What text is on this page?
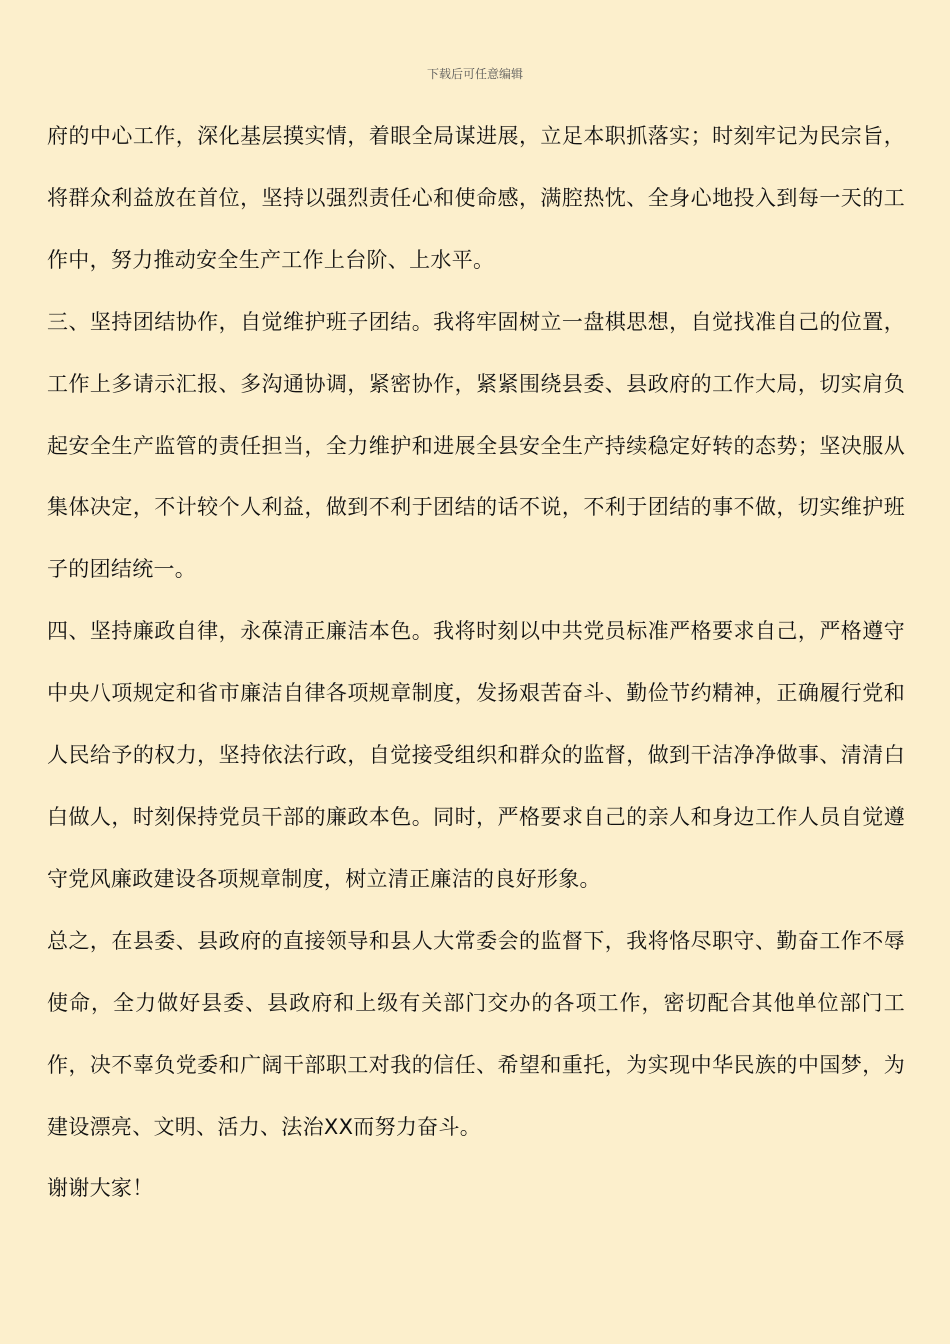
下载后可任意编辑

府的中心工作，深化基层摸实情，着眼全局谋进展，立足本职抓落实；时刻牢记为民宗旨，将群众利益放在首位，坚持以强烈责任心和使命感，满腔热忱、全身心地投入到每一天的工作中，努力推动安全生产工作上台阶、上水平。

三、坚持团结协作，自觉维护班子团结。我将牢固树立一盘棋思想，自觉找准自己的位置，工作上多请示汇报、多沟通协调，紧密协作，紧紧围绕县委、县政府的工作大局，切实肩负起安全生产监管的责任担当，全力维护和进展全县安全生产持续稳定好转的态势；坚决服从集体决定，不计较个人利益，做到不利于团结的话不说，不利于团结的事不做，切实维护班子的团结统一。

四、坚持廉政自律，永葆清正廉洁本色。我将时刻以中共党员标准严格要求自己，严格遵守中央八项规定和省市廉洁自律各项规章制度，发扬艰苦奋斗、勤俭节约精神，正确履行党和人民给予的权力，坚持依法行政，自觉接受组织和群众的监督，做到干洁净净做事、清清白白做人，时刻保持党员干部的廉政本色。同时，严格要求自己的亲人和身边工作人员自觉遵守党风廉政建设各项规章制度，树立清正廉洁的良好形象。

总之，在县委、县政府的直接领导和县人大常委会的监督下，我将恪尽职守、勤奋工作不辱使命，全力做好县委、县政府和上级有关部门交办的各项工作，密切配合其他单位部门工作，决不辜负党委和广阔干部职工对我的信任、希望和重托，为实现中华民族的中国梦，为建设漂亮、文明、活力、法治XX而努力奋斗。

谢谢大家！
